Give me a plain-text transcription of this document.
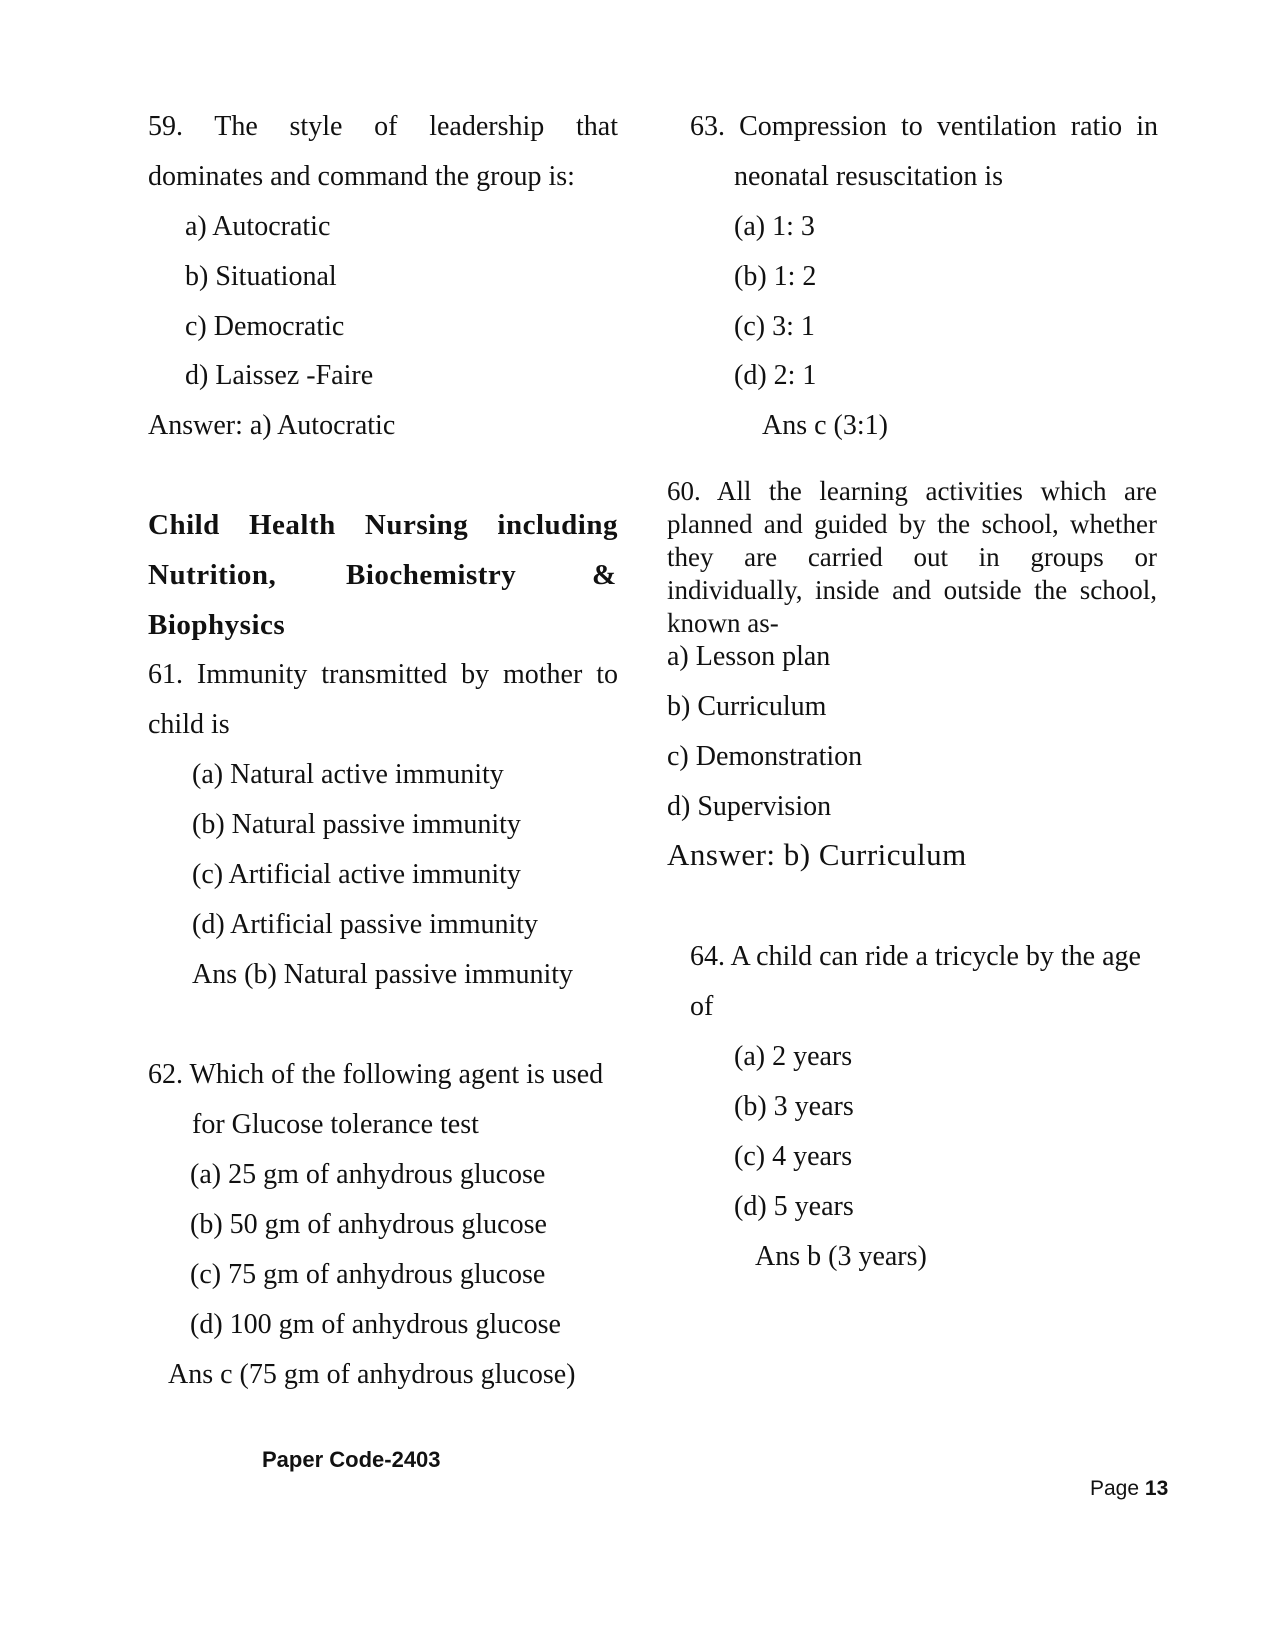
59. The style of leadership that

dominates and command the group is:

a) Autocratic

b) Situational

c) Democratic

d) Laissez -Faire

Answer: a) Autocratic

Child Health Nursing including

Nutrition, Biochemistry	&

Biophysics

61. Immunity transmitted by mother to

child is

(a) Natural active immunity

(b) Natural passive immunity

(c) Artificial active immunity

(d) Artificial passive immunity

Ans (b) Natural passive immunity

62. Which of the following agent is used

for Glucose tolerance test

(a) 25 gm of anhydrous glucose

(b) 50 gm of anhydrous glucose

(c) 75 gm of anhydrous glucose

(d) 100 gm of anhydrous glucose

Ans c (75 gm of anhydrous glucose)

63. Compression to ventilation ratio in

neonatal resuscitation is

(a) 1: 3

(b) 1: 2

(c) 3: 1

(d) 2: 1

Ans c (3:1)

60. All the learning activities which are

planned and guided by the school, whether

they are carried out in groups or

individually, inside and outside the school,

known as-

a) Lesson plan

b) Curriculum

c) Demonstration

d) Supervision

Answer: b) Curriculum

64. A child can ride a tricycle by the age

of

(a) 2 years

(b) 3 years

(c) 4 years

(d) 5 years

Ans b (3 years)

Paper Code-2403
Page 13
